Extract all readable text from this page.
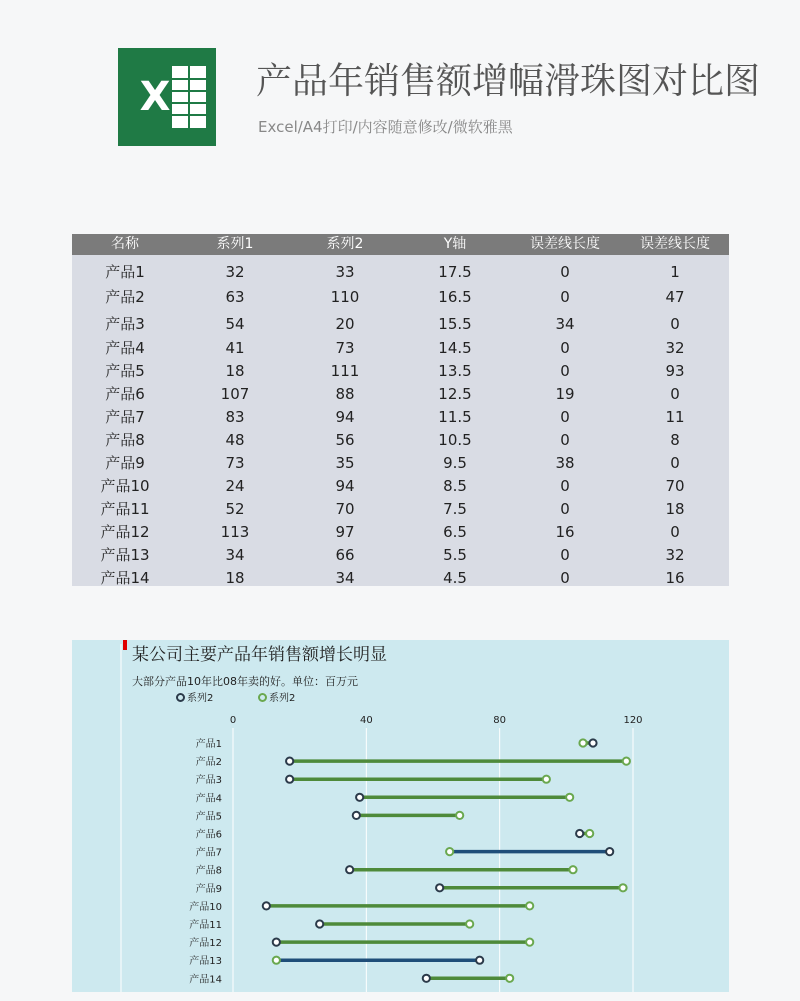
X 产品年销售额增幅滑珠图对比图
Excel/A4打印/内容随意修改/微软雅黑
名称	系列1	系列2	Y轴	误差线长度	误差线长度
产品1	32	33	17.5	0	1
产品2	63	110	16.5	0	47
产品3	54	20	15.5	34	0
产品4	41	73	14.5	0	32
产品5	18	111	13.5	0	93
产品6	107	88	12.5	19	0
产品7	83	94	11.5	0	11
产品8	48	56	10.5	0	8
产品9	73	35	9.5	38	0
产品10	24	94	8.5	0	70
产品11	52	70	7.5	0	18
产品12	113	97	6.5	16	0
产品13	34	66	5.5	0	32
产品14	18	34	4.5	0	16
某公司主要产品年销售额增长明显
大部分产品10年比08年卖的好。单位：百万元
系列2	系列2
0	40	80	120
产品1
产品2
产品3
产品4
产品5
产品6
产品7
产品8
产品9
产品10
产品11
产品12
产品13
产品14
